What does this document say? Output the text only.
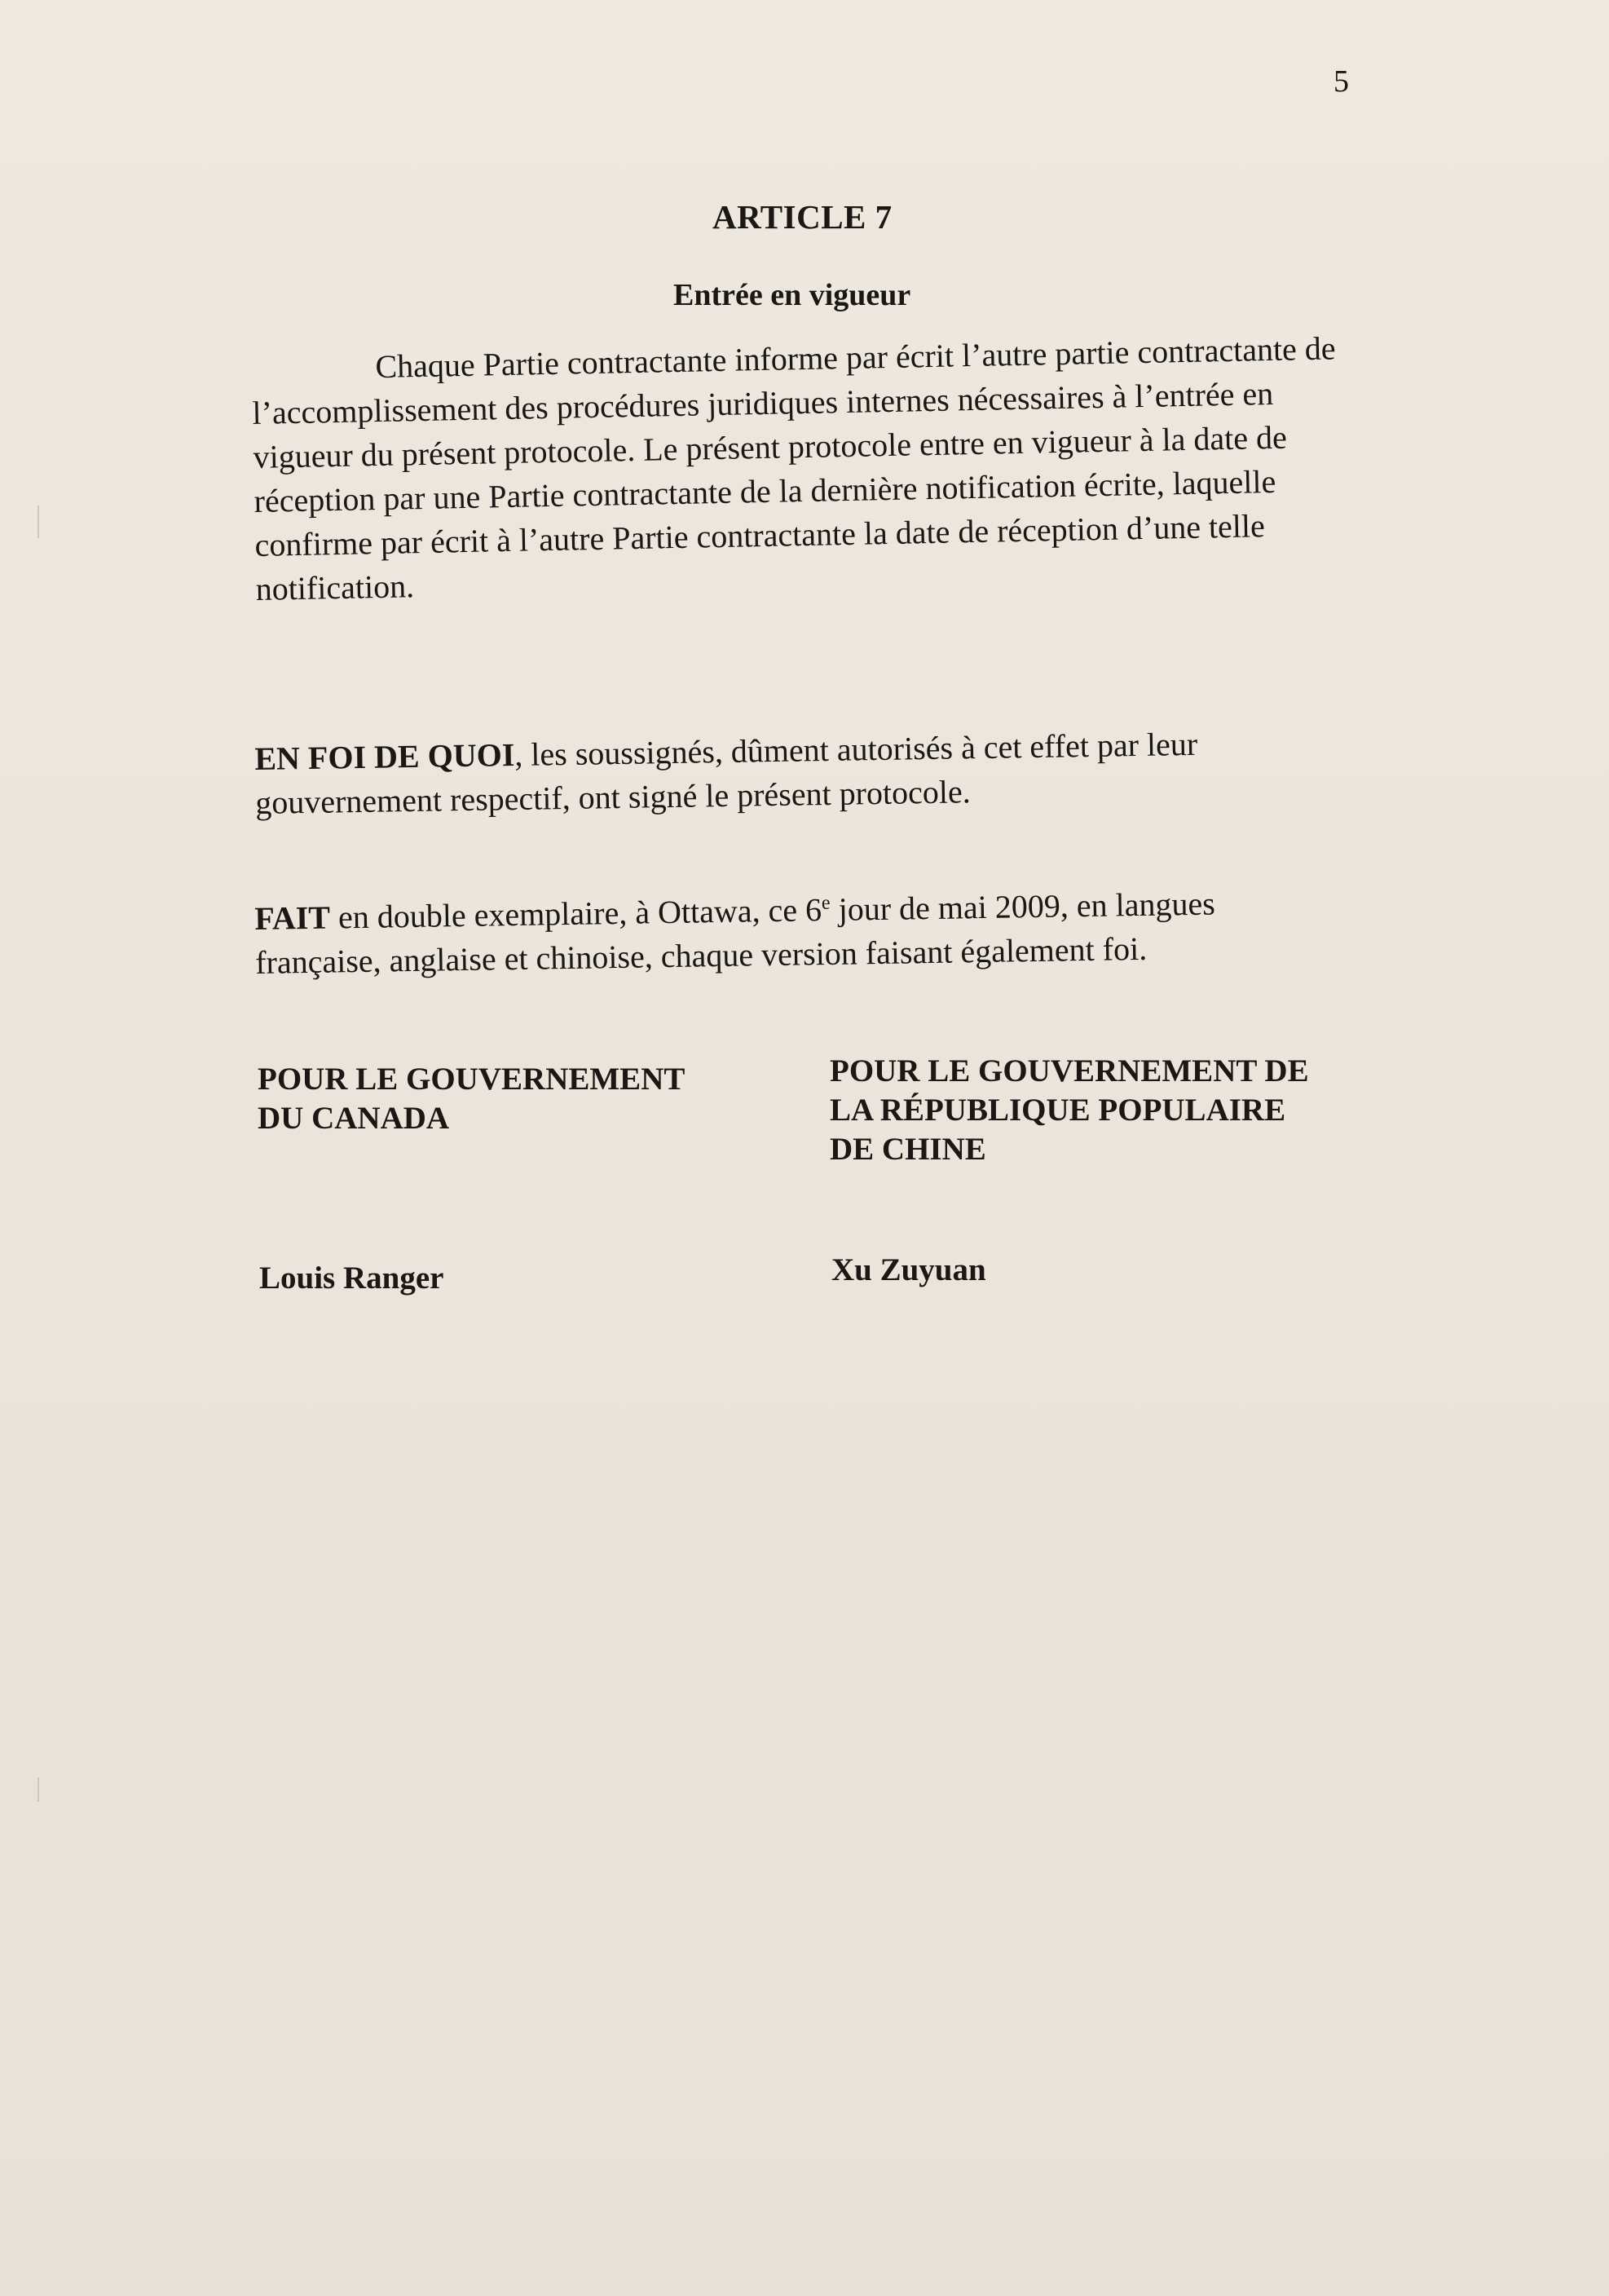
5
ARTICLE 7
Entrée en vigueur

Chaque Partie contractante informe par écrit l’autre partie contractante de l’accomplissement des procédures juridiques internes nécessaires à l’entrée en vigueur du présent protocole. Le présent protocole entre en vigueur à la date de réception par une Partie contractante de la dernière notification écrite, laquelle confirme par écrit à l’autre Partie contractante la date de réception d’une telle notification.

EN FOI DE QUOI, les soussignés, dûment autorisés à cet effet par leur gouvernement respectif, ont signé le présent protocole.
FAIT en double exemplaire, à Ottawa, ce 6e jour de mai 2009, en langues française, anglaise et chinoise, chaque version faisant également foi.
POUR LE GOUVERNEMENT
DU CANADA
POUR LE GOUVERNEMENT DE
LA RÉPUBLIQUE POPULAIRE
DE CHINE
Louis Ranger	Xu Zuyuan
